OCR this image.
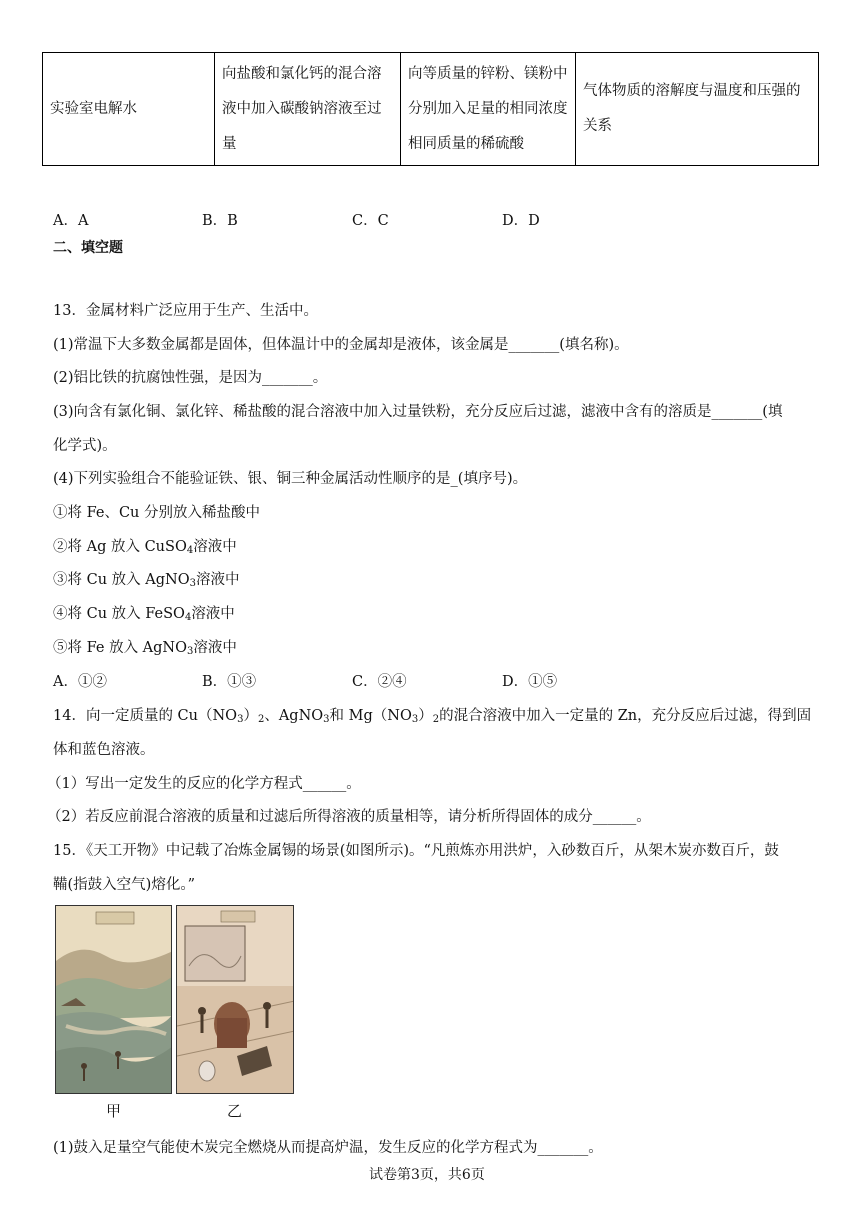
实验室电解水	向盐酸和氯化钙的混合溶液中加入碳酸钠溶液至过量	向等质量的锌粉、镁粉中分别加入足量的相同浓度相同质量的稀硫酸	气体物质的溶解度与温度和压强的关系
A．A	B．B	C．C	D．D
二、填空题
13．金属材料广泛应用于生产、生活中。
(1)常温下大多数金属都是固体，但体温计中的金属却是液体，该金属是_______(填名称)。
(2)铝比铁的抗腐蚀性强，是因为_______。
(3)向含有氯化铜、氯化锌、稀盐酸的混合溶液中加入过量铁粉，充分反应后过滤，滤液中含有的溶质是_______(填
化学式)。
(4)下列实验组合不能验证铁、银、铜三种金属活动性顺序的是_(填序号)。
①将 Fe、Cu 分别放入稀盐酸中
②将 Ag 放入 CuSO$_4$溶液中
③将 Cu 放入 AgNO$_3$溶液中
④将 Cu 放入 FeSO$_4$溶液中
⑤将 Fe 放入 AgNO$_3$溶液中
A．①②	B．①③	C．②④	D．①⑤
14．向一定质量的 $Cu(NO_3)_2$、AgNO$_3$和 $Mg(NO_3)_2$的混合溶液中加入一定量的 Zn，充分反应后过滤，得到固
体和蓝色溶液。
（1）写出一定发生的反应的化学方程式______。
（2）若反应前混合溶液的质量和过滤后所得溶液的质量相等，请分析所得固体的成分______。
15．《天工开物》中记载了冶炼金属锡的场景(如图所示)。“凡煎炼亦用洪炉，入砂数百斤，从架木炭亦数百斤，鼓
鞴(指鼓入空气)熔化。”
甲	乙
(1)鼓入足量空气能使木炭完全燃烧从而提高炉温，发生反应的化学方程式为_______。
试卷第3页，共6页
